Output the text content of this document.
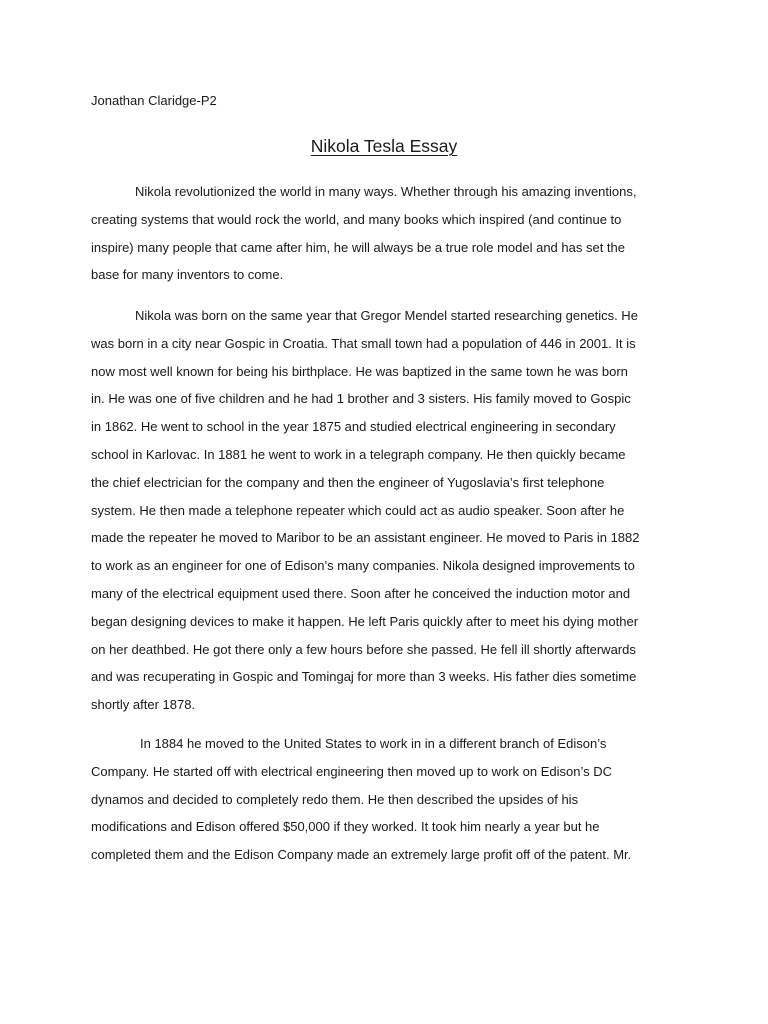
Jonathan Claridge-P2
Nikola Tesla Essay
Nikola revolutionized the world in many ways. Whether through his amazing inventions,
creating systems that would rock the world, and many books which inspired (and continue to
inspire) many people that came after him, he will always be a true role model and has set the
base for many inventors to come.
Nikola was born on the same year that Gregor Mendel started researching genetics. He
was born in a city near Gospic in Croatia. That small town had a population of 446 in 2001. It is
now most well known for being his birthplace. He was baptized in the same town he was born
in. He was one of five children and he had 1 brother and 3 sisters. His family moved to Gospic
in 1862. He went to school in the year 1875 and studied electrical engineering in secondary
school in Karlovac. In 1881 he went to work in a telegraph company. He then quickly became
the chief electrician for the company and then the engineer of Yugoslavia’s first telephone
system. He then made a telephone repeater which could act as audio speaker. Soon after he
made the repeater he moved to Maribor to be an assistant engineer. He moved to Paris in 1882
to work as an engineer for one of Edison’s many companies. Nikola designed improvements to
many of the electrical equipment used there. Soon after he conceived the induction motor and
began designing devices to make it happen. He left Paris quickly after to meet his dying mother
on her deathbed. He got there only a few hours before she passed. He fell ill shortly afterwards
and was recuperating in Gospic and Tomingaj for more than 3 weeks. His father dies sometime
shortly after 1878.
In 1884 he moved to the United States to work in in a different branch of Edison’s
Company. He started off with electrical engineering then moved up to work on Edison’s DC
dynamos and decided to completely redo them. He then described the upsides of his
modifications and Edison offered $50,000 if they worked. It took him nearly a year but he
completed them and the Edison Company made an extremely large profit off of the patent. Mr.
